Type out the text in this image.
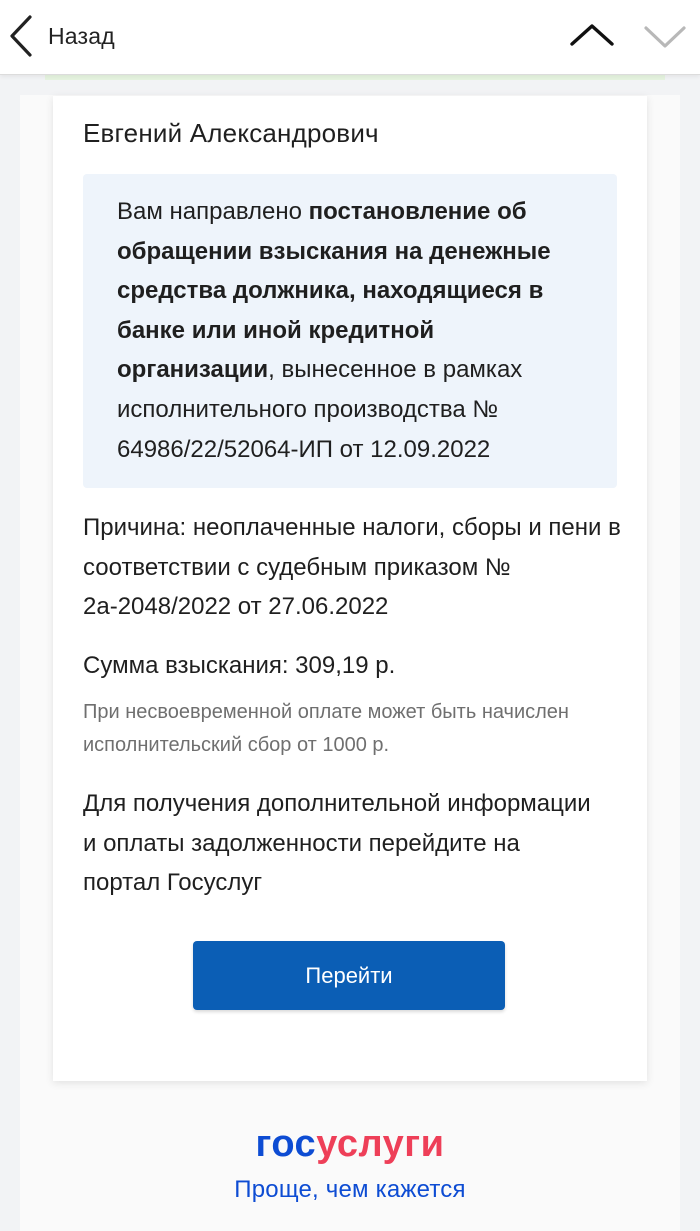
Назад
Евгений Александрович
Вам направлено постановление об обращении взыскания на денежные средства должника, находящиеся в банке или иной кредитной организации, вынесенное в рамках исполнительного производства № 64986/22/52064-ИП от 12.09.2022
Причина: неоплаченные налоги, сборы и пени в соответствии с судебным приказом № 2а-2048/2022 от 27.06.2022
Сумма взыскания: 309,19 р.
При несвоевременной оплате может быть начислен исполнительский сбор от 1000 р.
Для получения дополнительной информации и оплаты задолженности перейдите на портал Госуслуг
Перейти
госуслуги
Проще, чем кажется
